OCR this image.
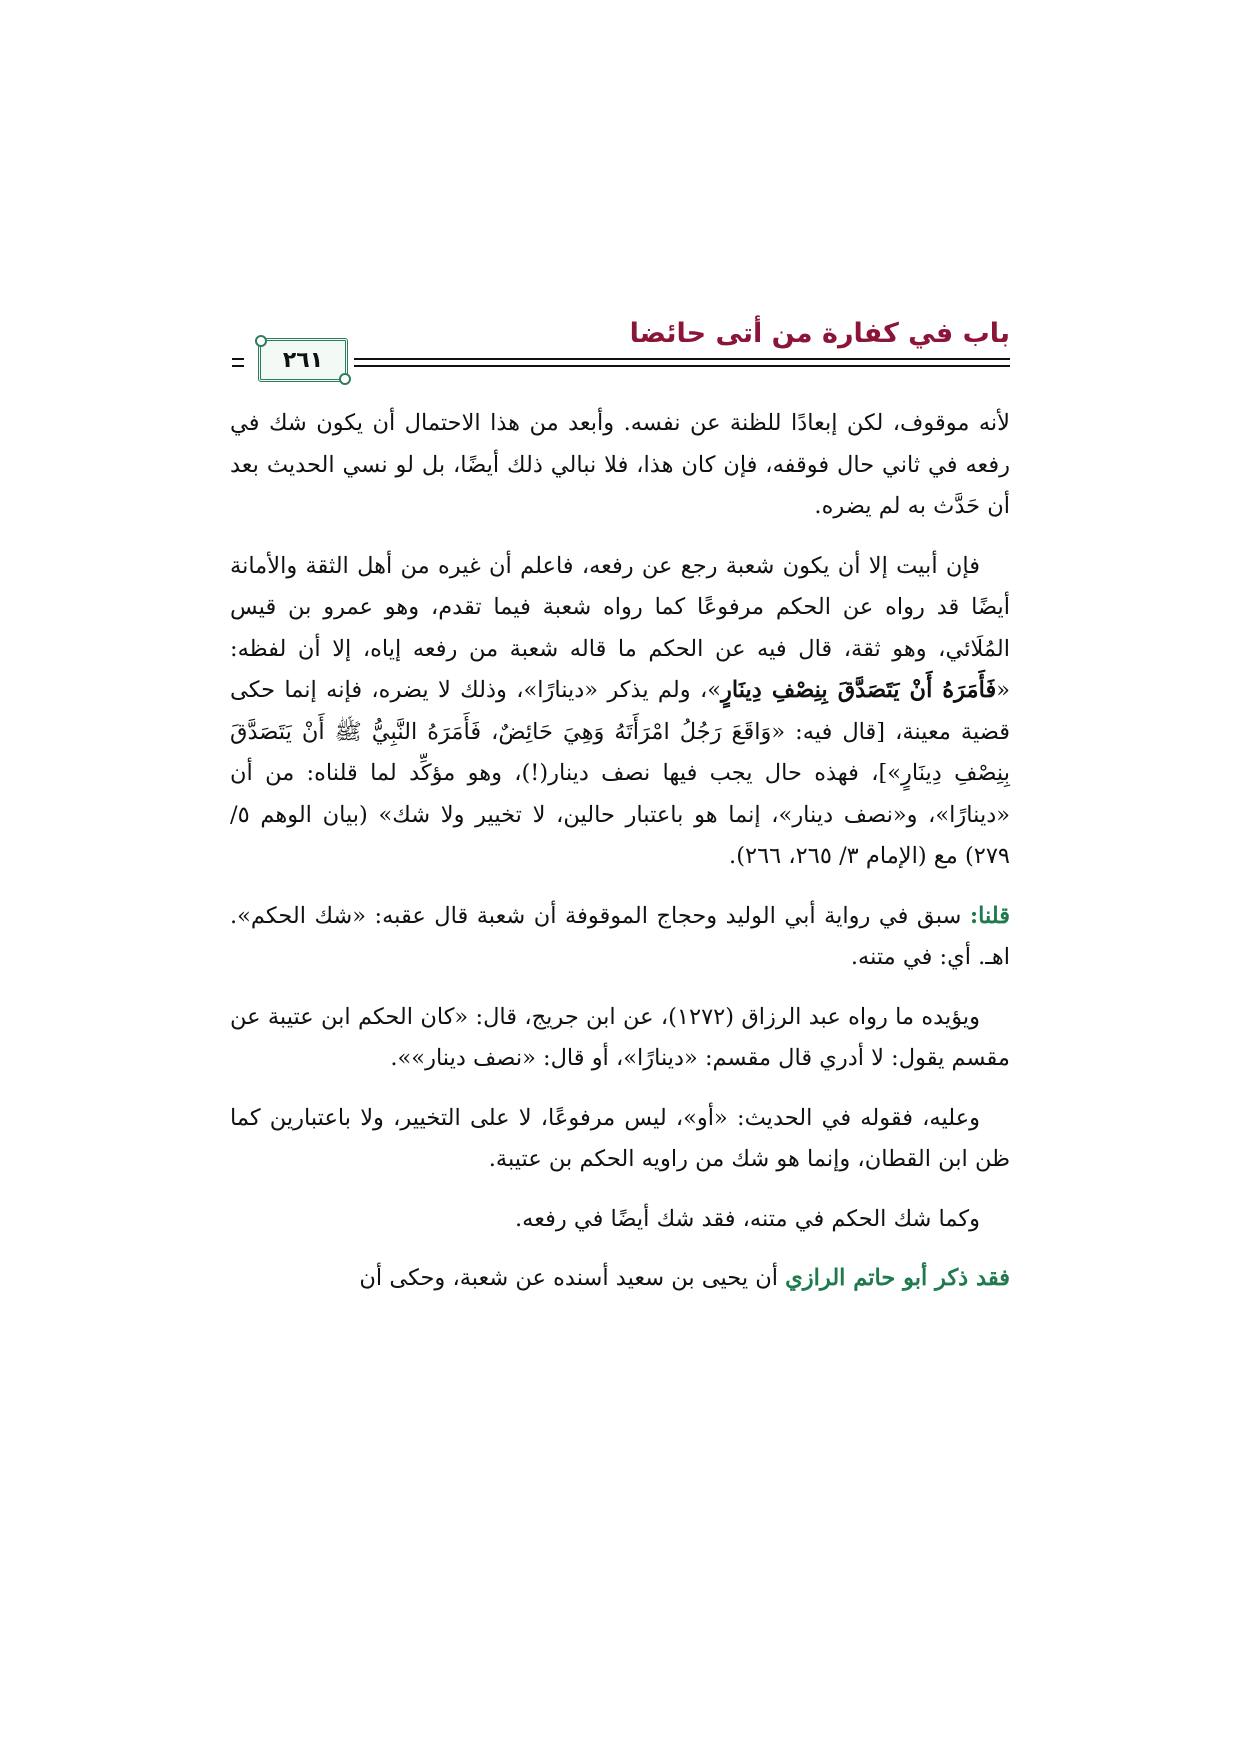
باب في كفارة من أتى حائضا
٢٦١

لأنه موقوف، لكن إبعادًا للظنة عن نفسه. وأبعد من هذا الاحتمال أن يكون شك في رفعه في ثاني حال فوقفه، فإن كان هذا، فلا نبالي ذلك أيضًا، بل لو نسي الحديث بعد أن حَدَّث به لم يضره.

فإن أبيت إلا أن يكون شعبة رجع عن رفعه، فاعلم أن غيره من أهل الثقة والأمانة أيضًا قد رواه عن الحكم مرفوعًا كما رواه شعبة فيما تقدم، وهو عمرو بن قيس المُلَائي، وهو ثقة، قال فيه عن الحكم ما قاله شعبة من رفعه إياه، إلا أن لفظه: «فَأَمَرَهُ أَنْ يَتَصَدَّقَ بِنِصْفِ دِينَارٍ»، ولم يذكر «دينارًا»، وذلك لا يضره، فإنه إنما حكى قضية معينة، [قال فيه: «وَاقَعَ رَجُلُ امْرَأَتَهُ وَهِيَ حَائِضٌ، فَأَمَرَهُ النَّبِيُّ ﷺ أَنْ يَتَصَدَّقَ بِنِصْفِ دِينَارٍ»]، فهذه حال يجب فيها نصف دينار(!)، وهو مؤكِّد لما قلناه: من أن «دينارًا»، و«نصف دينار»، إنما هو باعتبار حالين، لا تخيير ولا شك» (بيان الوهم ٥/ ٢٧٩) مع (الإمام ٣/ ٢٦٥، ٢٦٦).

قلنا: سبق في رواية أبي الوليد وحجاج الموقوفة أن شعبة قال عقبه: «شك الحكم». اهـ. أي: في متنه.

ويؤيده ما رواه عبد الرزاق (١٢٧٢)، عن ابن جريج، قال: «كان الحكم ابن عتيبة عن مقسم يقول: لا أدري قال مقسم: «دينارًا»، أو قال: «نصف دينار»».

وعليه، فقوله في الحديث: «أو»، ليس مرفوعًا، لا على التخيير، ولا باعتبارين كما ظن ابن القطان، وإنما هو شك من راويه الحكم بن عتيبة.

وكما شك الحكم في متنه، فقد شك أيضًا في رفعه.

فقد ذكر أبو حاتم الرازي أن يحيى بن سعيد أسنده عن شعبة، وحكى أن
